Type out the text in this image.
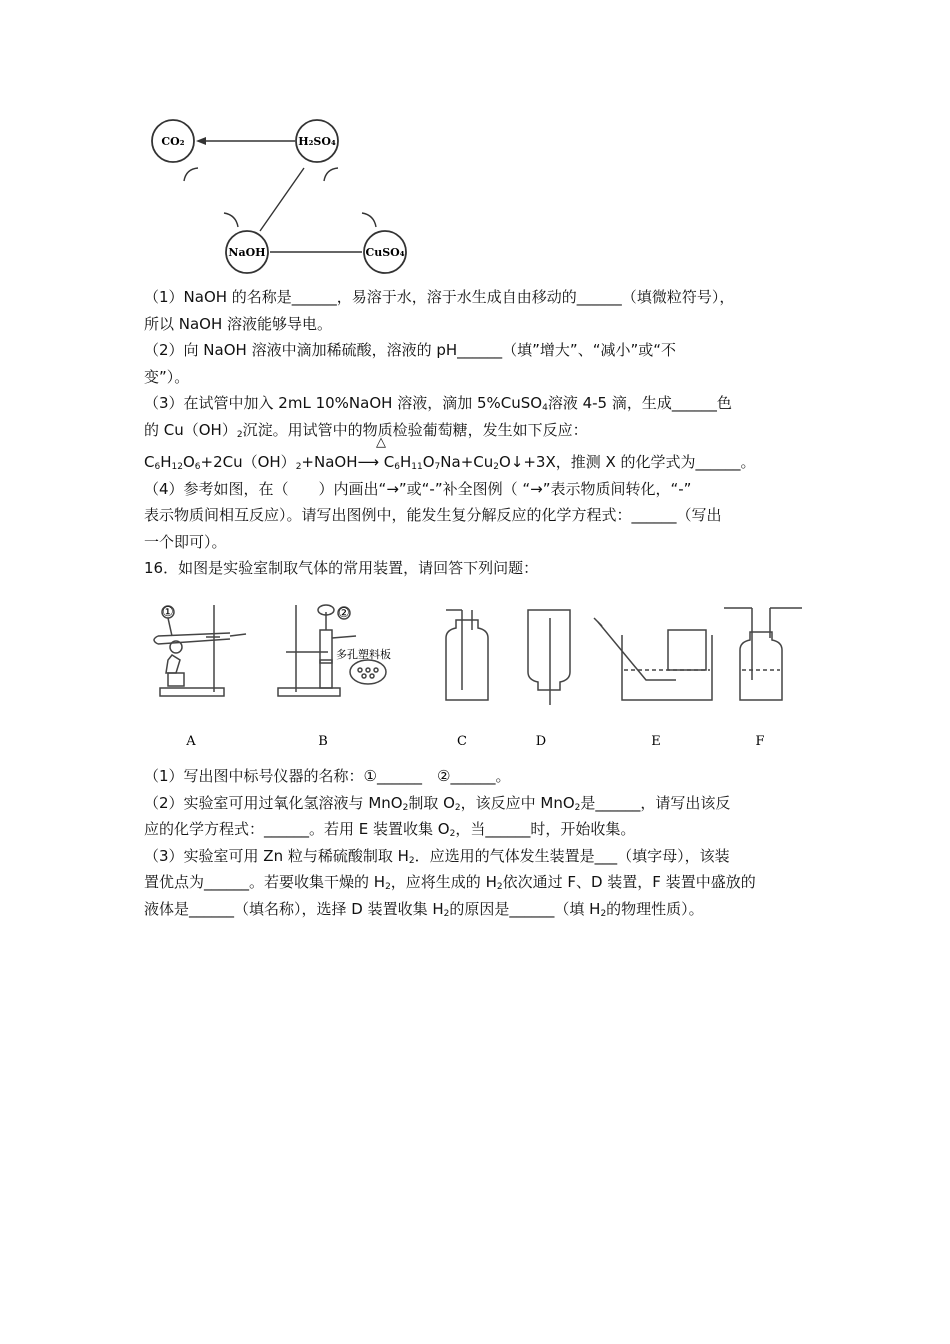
CO₂	H₂SO₄
NaOH	CuSO₄
（1）NaOH 的名称是______，易溶于水，溶于水生成自由移动的______（填微粒符号），
所以 NaOH 溶液能够导电。
（2）向 NaOH 溶液中滴加稀硫酸，溶液的 pH______（填”增大”、“减小”或“不
变”）。
（3）在试管中加入 2mL 10%NaOH 溶液，滴加 5%CuSO$_4$溶液 4-5 滴，生成______色
的 $Cu(OH)_2$沉淀。用试管中的物质检验葡萄糖，发生如下反应：
△
$C_6H_{12}O_6+2Cu(OH)_2+NaOH⟶$ $C_6H_{11}O_7Na+Cu_2O↓+3X$，推测 X 的化学式为______。
（4）参考如图，在（　　）内画出“→”或“-”补全图例（ “→”表示物质间转化，“-”
表示物质间相互反应）。请写出图例中，能发生复分解反应的化学方程式：______（写出
一个即可）。
16．如图是实验室制取气体的常用装置，请回答下列问题：
①	②
多孔塑料板
A	B	C	D	E	F
（1）写出图中标号仪器的名称：①______　②______。
（2）实验室可用过氧化氢溶液与 MnO$_2$制取 $O_2$，该反应中 MnO$_2$是______，请写出该反
应的化学方程式：______。若用 E 装置收集 $O_2$，当______时，开始收集。
（3）实验室可用 Zn 粒与稀硫酸制取 $H_2$．应选用的气体发生装置是___（填字母），该装
置优点为______。若要收集干燥的 $H_2$，应将生成的 $H_2$依次通过 F、D 装置，F 装置中盛放的
液体是______（填名称），选择 D 装置收集 $H_2$的原因是______（填 $H_2$的物理性质）。
